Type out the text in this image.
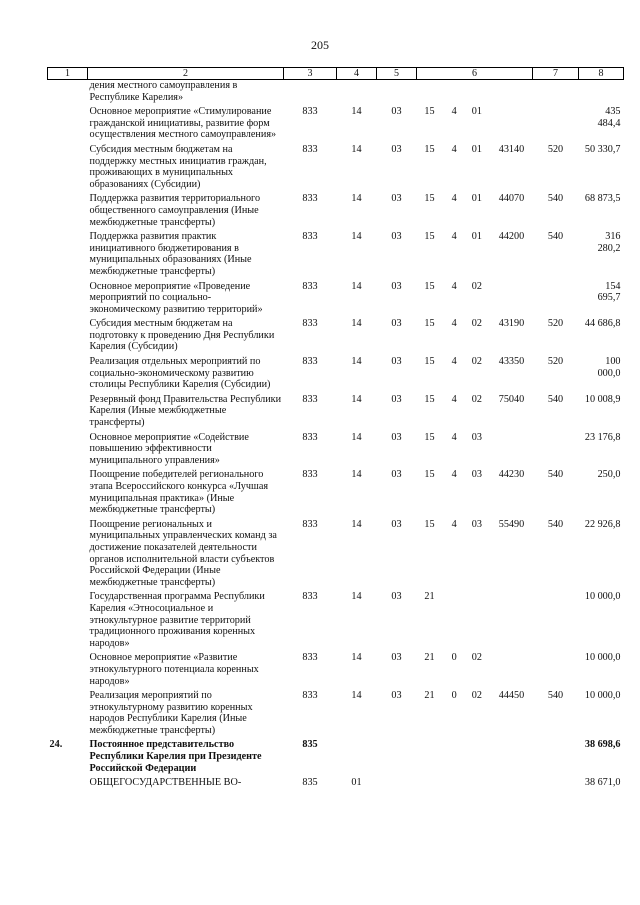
205
1	2	3	4	5	6	7	8
	дения местного самоуправления в Республике Карелия»				

	Основное мероприятие «Стимулирование гражданской инициативы, развитие форм осуществления местного самоуправления»	833	14	03	15 4 01		435 484,4
	Субсидия местным бюджетам на поддержку местных инициатив граждан, проживающих в муниципальных образованиях (Субсидии)	833	14	03	15 4 01 43140	520	50 330,7
	Поддержка развития территориального общественного самоуправления (Иные межбюджетные трансферты)	833	14	03	15 4 01 44070	540	68 873,5
	Поддержка развития практик инициативного бюджетирования в муниципальных образованиях (Иные межбюджетные трансферты)	833	14	03	15 4 01 44200	540	316 280,2
	Основное мероприятие «Проведение мероприятий по социально-экономическому развитию территорий»	833	14	03	15 4 02		154 695,7
	Субсидия местным бюджетам на подготовку к проведению Дня Республики Карелия (Субсидии)	833	14	03	15 4 02 43190	520	44 686,8
	Реализация отдельных мероприятий по социально-экономическому развитию столицы Республики Карелия (Субсидии)	833	14	03	15 4 02 43350	520	100 000,0
	Резервный фонд Правительства Республики Карелия (Иные межбюджетные трансферты)	833	14	03	15 4 02 75040	540	10 008,9
	Основное мероприятие «Содействие повышению эффективности муниципального управления»	833	14	03	15 4 03		23 176,8
	Поощрение победителей регионального этапа Всероссийского конкурса «Лучшая муниципальная практика» (Иные межбюджетные трансферты)	833	14	03	15 4 03 44230	540	250,0
	Поощрение региональных и муниципальных управленческих команд за достижение показателей деятельности органов исполнительной власти субъектов Российской Федерации (Иные межбюджетные трансферты)	833	14	03	15 4 03 55490	540	22 926,8
	Государственная программа Республики Карелия «Этносоциальное и этнокультурное развитие территорий традиционного проживания коренных народов»	833	14	03	21		10 000,0
	Основное мероприятие «Развитие этнокультурного потенциала коренных народов»	833	14	03	21 0 02		10 000,0
	Реализация мероприятий по этнокультурному развитию коренных народов Республики Карелия (Иные межбюджетные трансферты)	833	14	03	21 0 02 44450	540	10 000,0
24.	Постоянное представительство Республики Карелия при Президенте Российской Федерации	835					38 698,6
	ОБЩЕГОСУДАРСТВЕННЫЕ ВО-	835	01				38 671,0
